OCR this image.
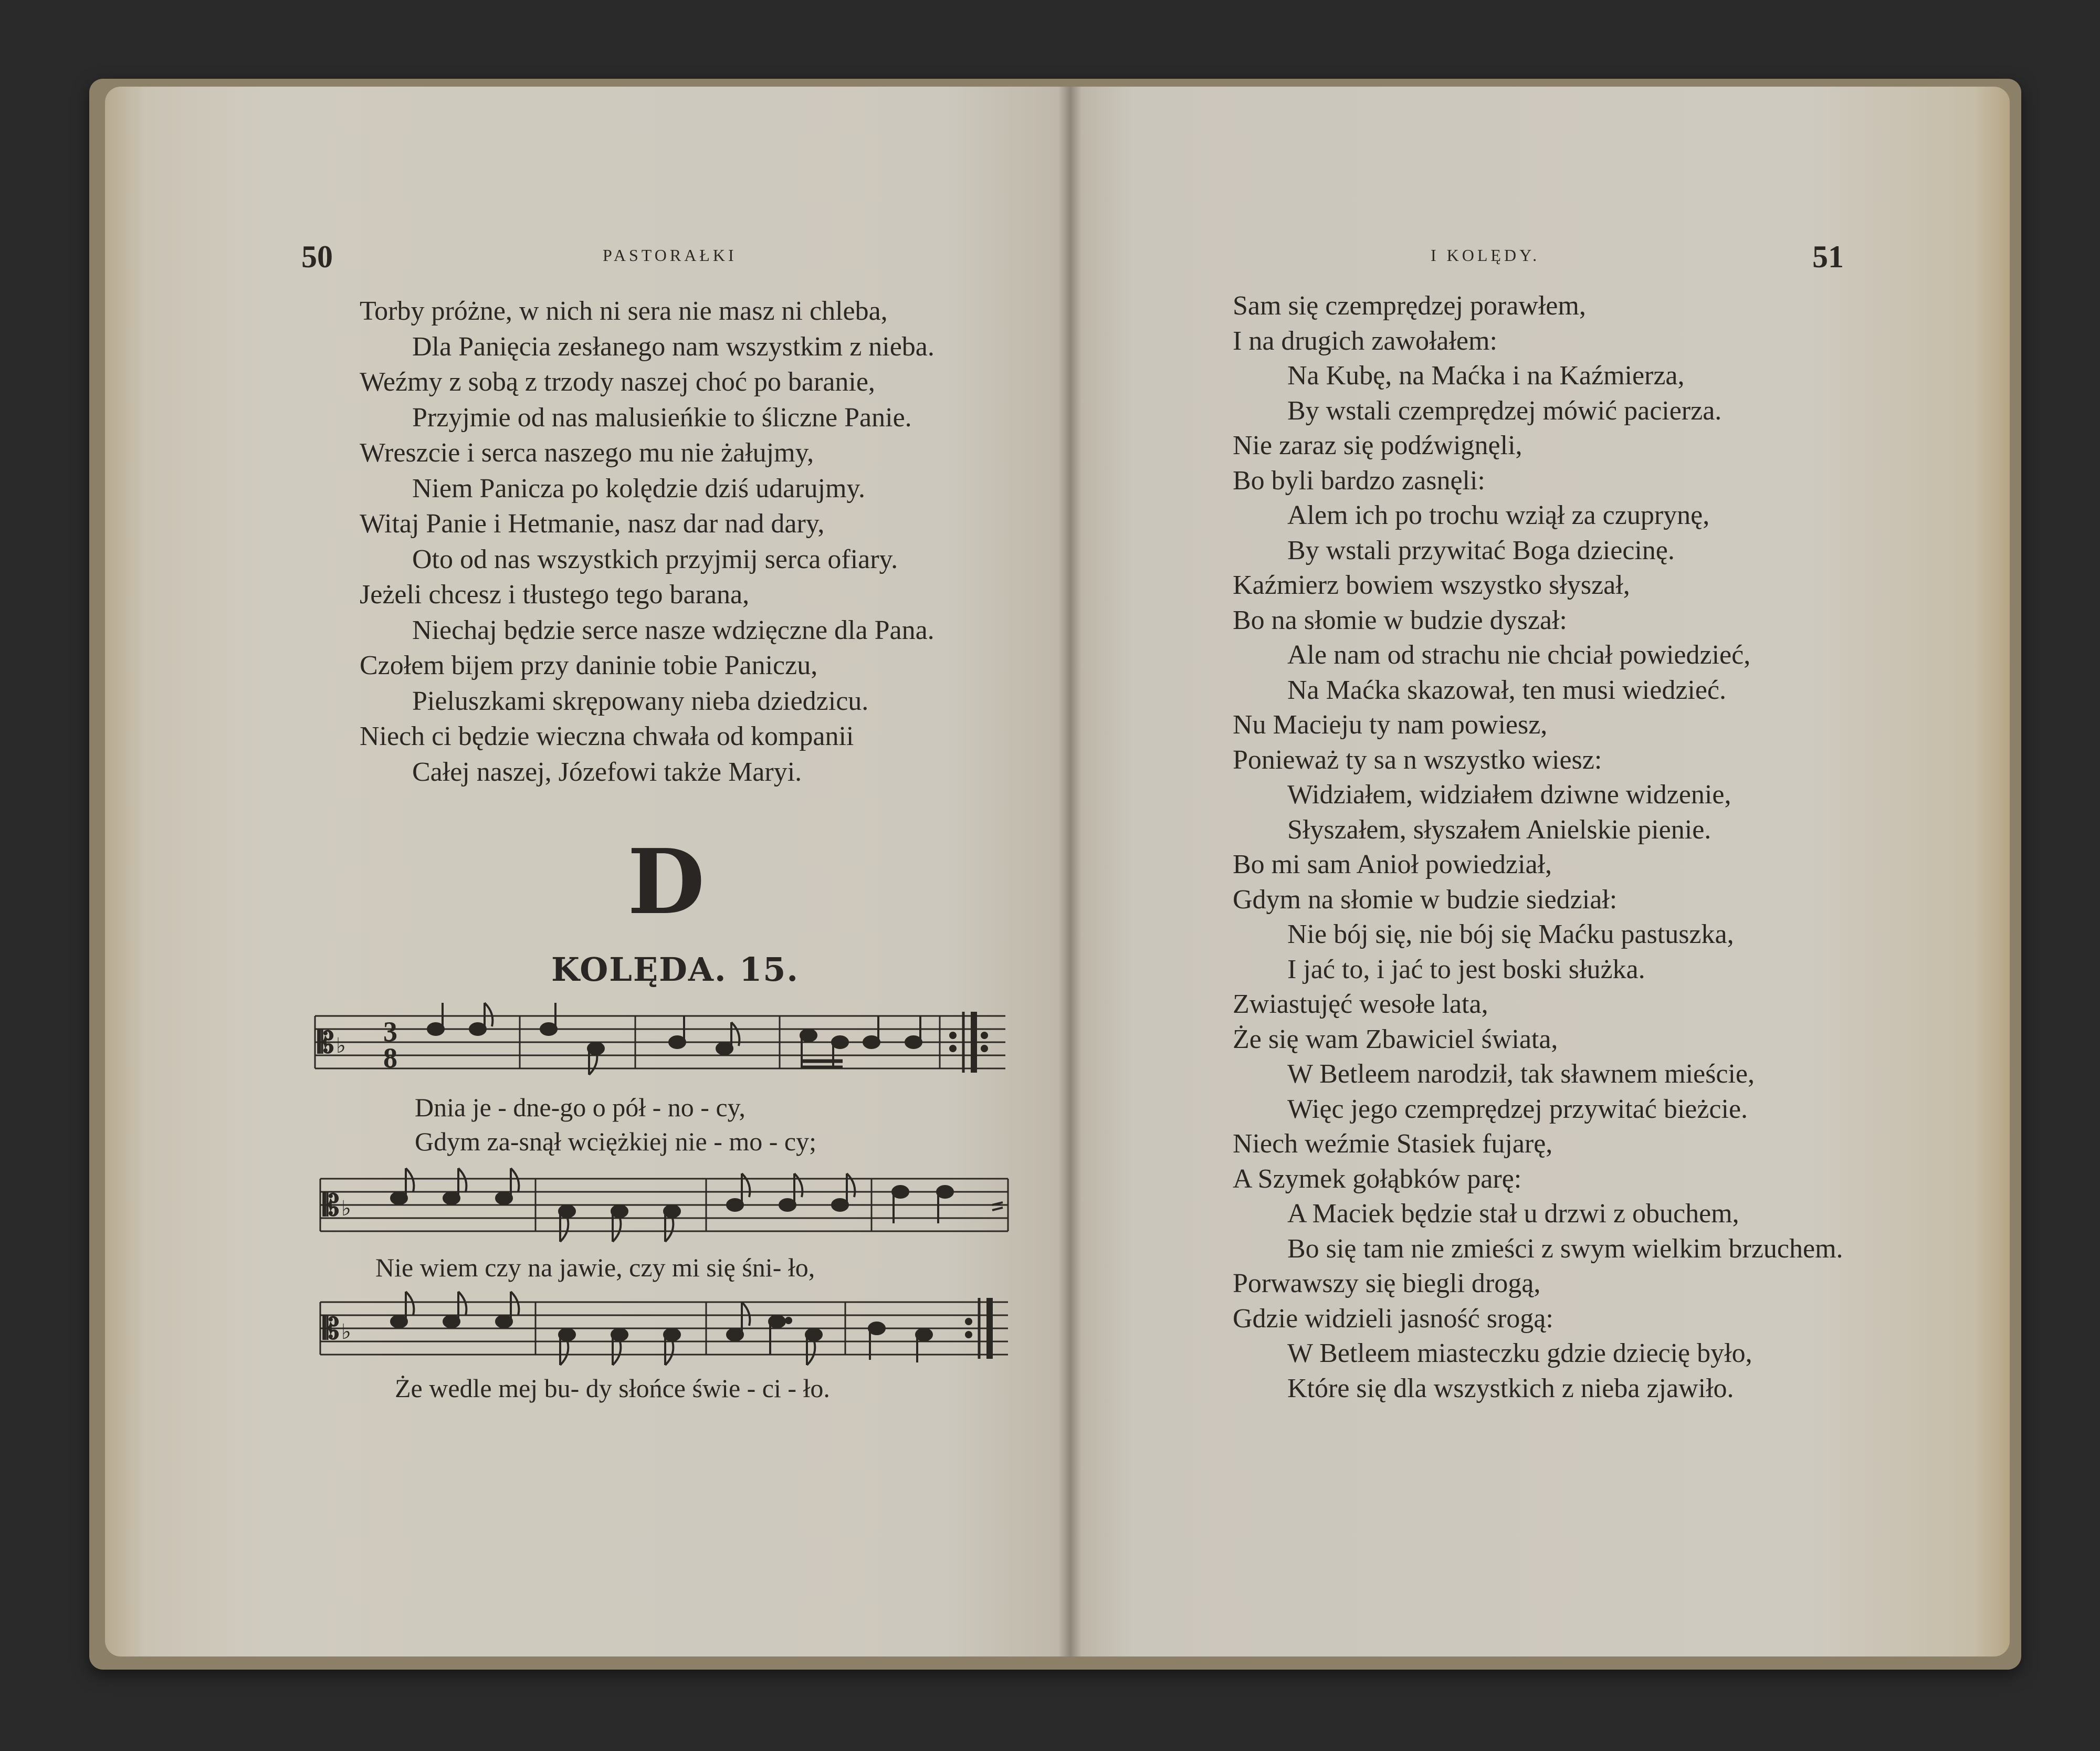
50	PASTORAŁKI
Torby próżne, w nich ni sera nie masz ni chleba,
Dla Panięcia zesłanego nam wszystkim z nieba.
Weźmy z sobą z trzody naszej choć po baranie,
Przyjmie od nas malusieńkie to śliczne Panie.
Wreszcie i serca naszego mu nie żałujmy,
Niem Panicza po kolędzie dziś udarujmy.
Witaj Panie i Hetmanie, nasz dar nad dary,
Oto od nas wszystkich przyjmij serca ofiary.
Jeżeli chcesz i tłustego tego barana,
Niechaj będzie serce nasze wdzięczne dla Pana.
Czołem bijem przy daninie tobie Paniczu,
Pieluszkami skrępowany nieba dziedzicu.
Niech ci będzie wieczna chwała od kompanii
Całej naszej, Józefowi także Maryi.
D
KOLĘDA. 15.
𝄡 ♭ 3
8
Dnia je - dne-go o pół - no - cy,
Gdym za-snął wciężkiej nie - mo - cy;
𝄡 ♭
Nie wiem czy na jawie, czy mi się śni- ło,
𝄡 ♭
Że wedle mej bu- dy słońce świe - ci - ło.
I KOLĘDY.	51
Sam się czemprędzej porawłem,
I na drugich zawołałem:
Na Kubę, na Maćka i na Kaźmierza,
By wstali czemprędzej mówić pacierza.
Nie zaraz się podźwignęli,
Bo byli bardzo zasnęli:
Alem ich po trochu wziął za czuprynę,
By wstali przywitać Boga dziecinę.
Kaźmierz bowiem wszystko słyszał,
Bo na słomie w budzie dyszał:
Ale nam od strachu nie chciał powiedzieć,
Na Maćka skazował, ten musi wiedzieć.
Nu Macieju ty nam powiesz,
Ponieważ ty sa n wszystko wiesz:
Widziałem, widziałem dziwne widzenie,
Słyszałem, słyszałem Anielskie pienie.
Bo mi sam Anioł powiedział,
Gdym na słomie w budzie siedział:
Nie bój się, nie bój się Maćku pastuszka,
I jać to, i jać to jest boski służka.
Zwiastujęć wesołe lata,
Że się wam Zbawiciel świata,
W Betleem narodził, tak sławnem mieście,
Więc jego czemprędzej przywitać bieżcie.
Niech weźmie Stasiek fujarę,
A Szymek gołąbków parę:
A Maciek będzie stał u drzwi z obuchem,
Bo się tam nie zmieści z swym wielkim brzuchem.
Porwawszy się biegli drogą,
Gdzie widzieli jasność srogą:
W Betleem miasteczku gdzie dziecię było,
Które się dla wszystkich z nieba zjawiło.
